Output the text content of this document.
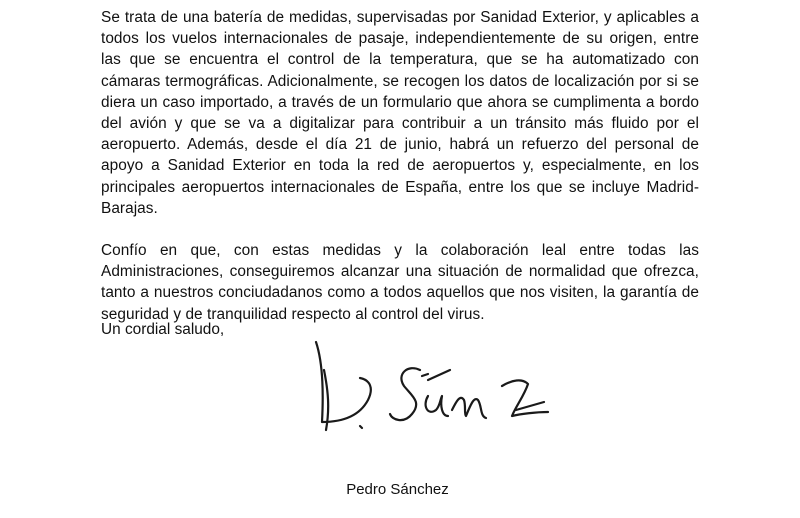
Se trata de una batería de medidas, supervisadas por Sanidad Exterior, y aplicables a todos los vuelos internacionales de pasaje, independientemente de su origen, entre las que se encuentra el control de la temperatura, que se ha automatizado con cámaras termográficas. Adicionalmente, se recogen los datos de localización por si se diera un caso importado, a través de un formulario que ahora se cumplimenta a bordo del avión y que se va a digitalizar para contribuir a un tránsito más fluido por el aeropuerto. Además, desde el día 21 de junio, habrá un refuerzo del personal de apoyo a Sanidad Exterior en toda la red de aeropuertos y, especialmente, en los principales aeropuertos internacionales de España, entre los que se incluye Madrid-Barajas.

Confío en que, con estas medidas y la colaboración leal entre todas las Administraciones, conseguiremos alcanzar una situación de normalidad que ofrezca, tanto a nuestros conciudadanos como a todos aquellos que nos visiten, la garantía de seguridad y de tranquilidad respecto al control del virus.

Un cordial saludo,

Pedro Sánchez
